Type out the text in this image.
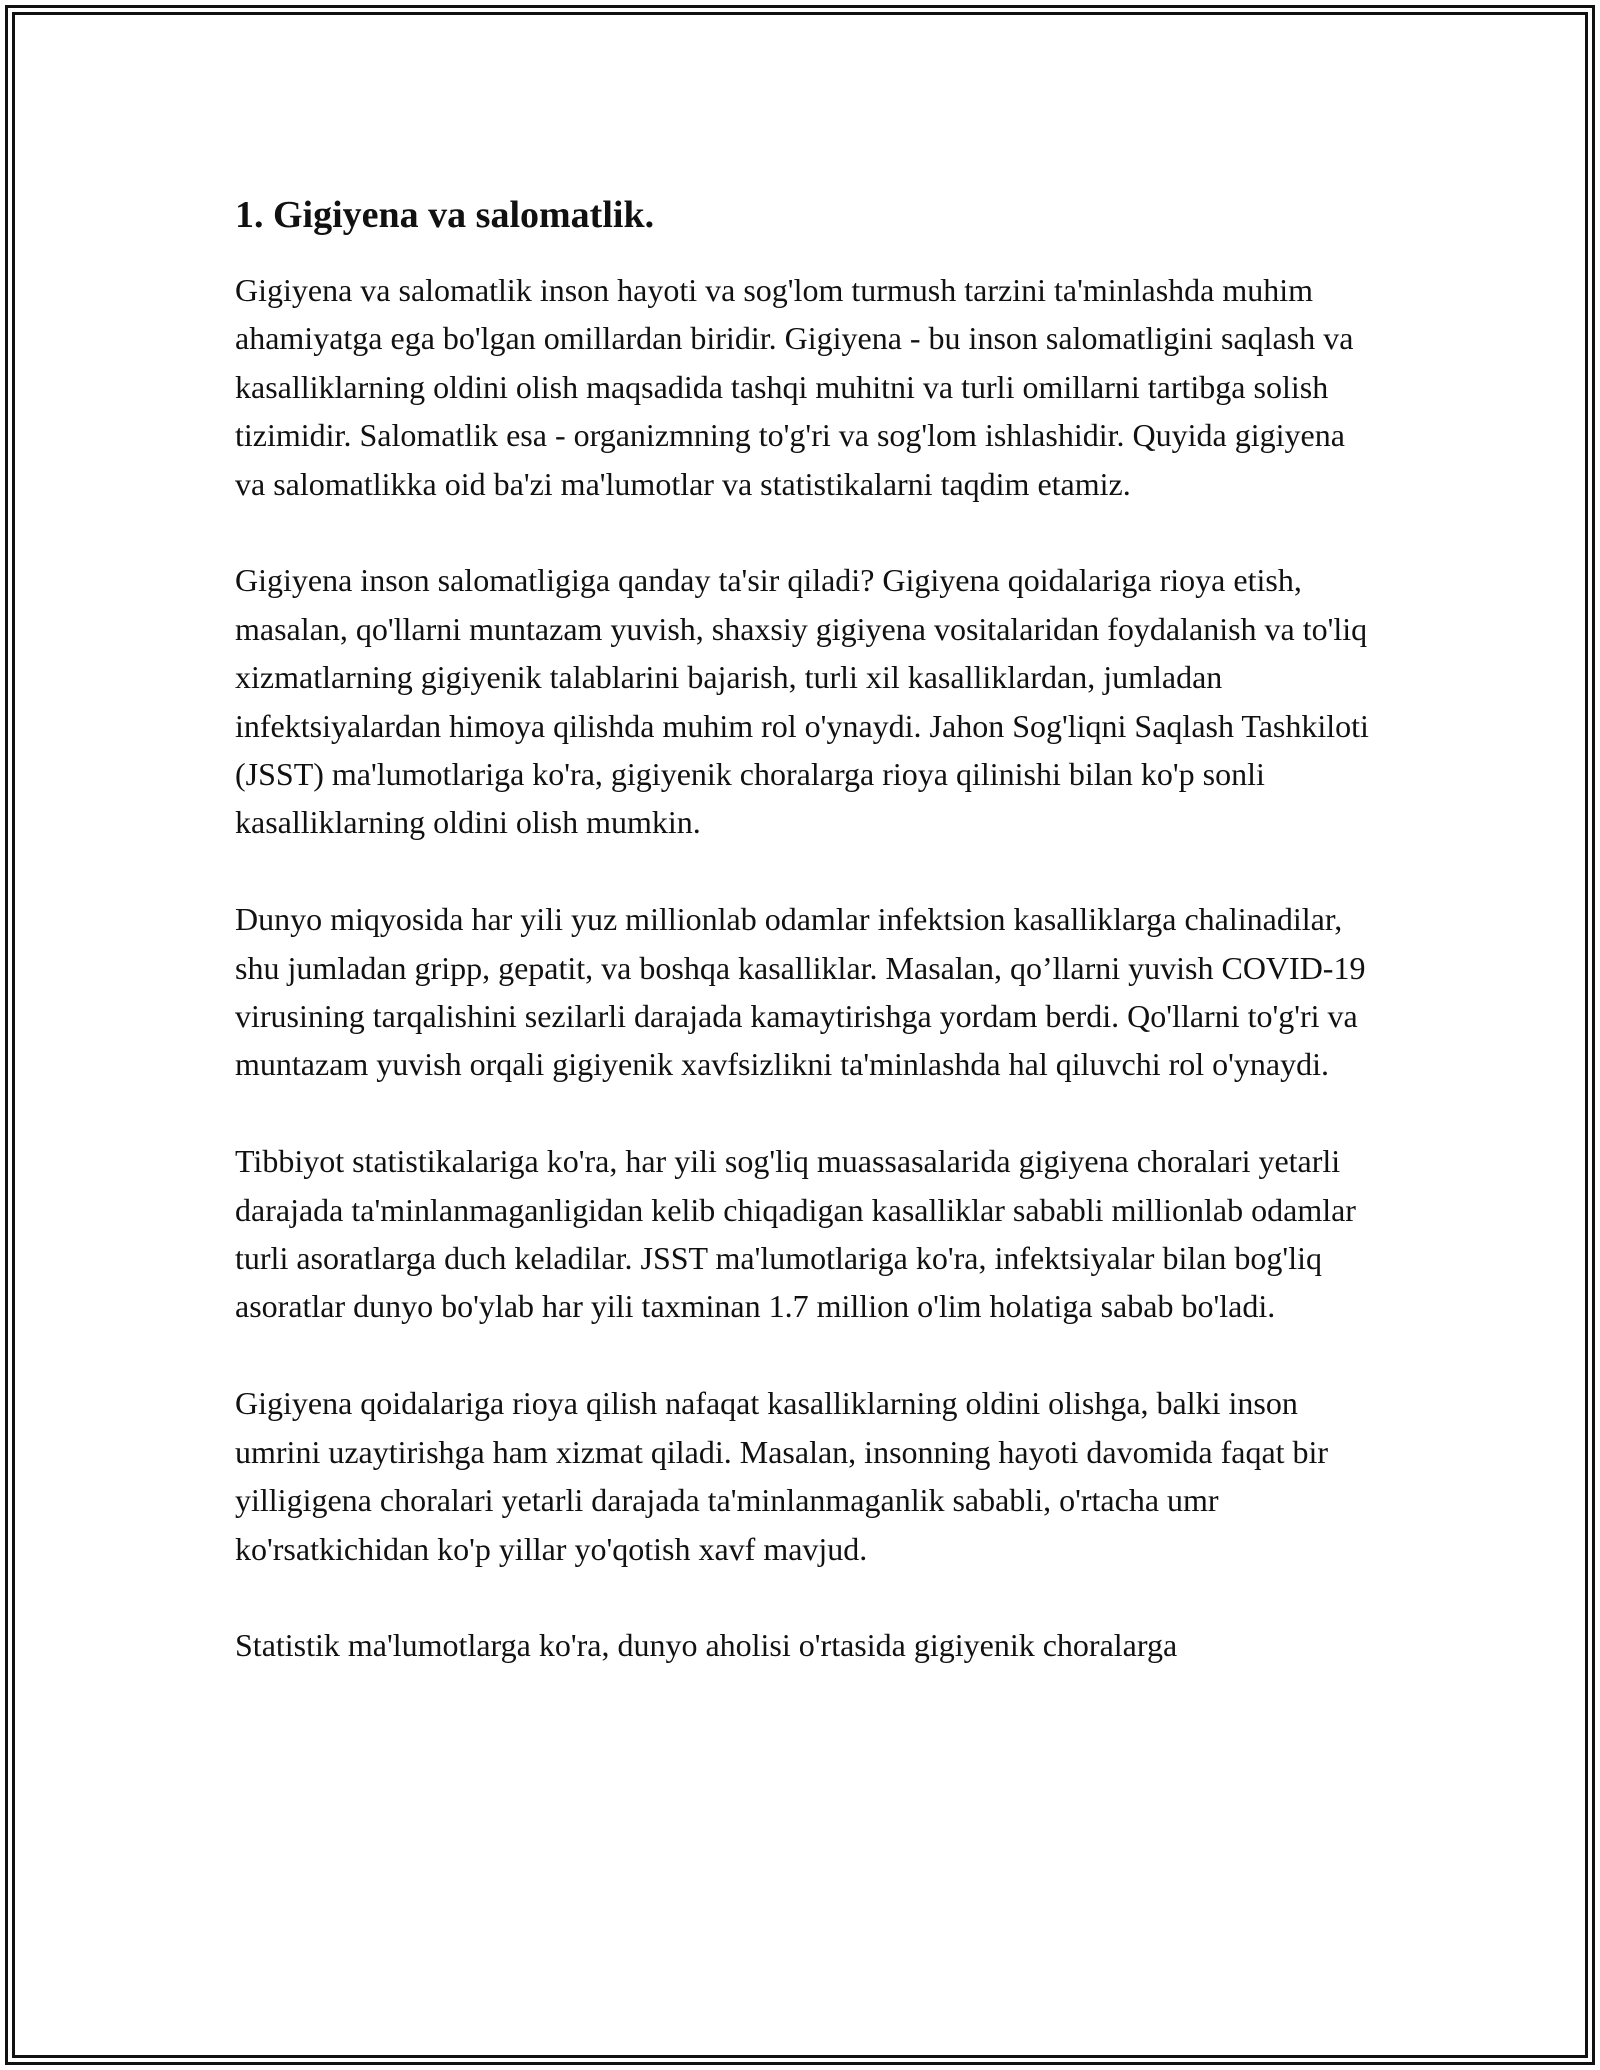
1. Gigiyena va salomatlik.

Gigiyena va salomatlik inson hayoti va sog'lom turmush tarzini ta'minlashda muhim ahamiyatga ega bo'lgan omillardan biridir. Gigiyena - bu inson salomatligini saqlash va kasalliklarning oldini olish maqsadida tashqi muhitni va turli omillarni tartibga solish tizimidir. Salomatlik esa - organizmning to'g'ri va sog'lom ishlashidir. Quyida gigiyena va salomatlikka oid ba'zi ma'lumotlar va statistikalarni taqdim etamiz.

Gigiyena inson salomatligiga qanday ta'sir qiladi? Gigiyena qoidalariga rioya etish, masalan, qo'llarni muntazam yuvish, shaxsiy gigiyena vositalaridan foydalanish va to'liq xizmatlarning gigiyenik talablarini bajarish, turli xil kasalliklardan, jumladan infektsiyalardan himoya qilishda muhim rol o'ynaydi. Jahon Sog'liqni Saqlash Tashkiloti (JSST) ma'lumotlariga ko'ra, gigiyenik choralarga rioya qilinishi bilan ko'p sonli kasalliklarning oldini olish mumkin.

Dunyo miqyosida har yili yuz millionlab odamlar infektsion kasalliklarga chalinadilar, shu jumladan gripp, gepatit, va boshqa kasalliklar. Masalan, qo’llarni yuvish COVID-19 virusining tarqalishini sezilarli darajada kamaytirishga yordam berdi. Qo'llarni to'g'ri va muntazam yuvish orqali gigiyenik xavfsizlikni ta'minlashda hal qiluvchi rol o'ynaydi.

Tibbiyot statistikalariga ko'ra, har yili sog'liq muassasalarida gigiyena choralari yetarli darajada ta'minlanmaganligidan kelib chiqadigan kasalliklar sababli millionlab odamlar turli asoratlarga duch keladilar. JSST ma'lumotlariga ko'ra, infektsiyalar bilan bog'liq asoratlar dunyo bo'ylab har yili taxminan 1.7 million o'lim holatiga sabab bo'ladi.

Gigiyena qoidalariga rioya qilish nafaqat kasalliklarning oldini olishga, balki inson umrini uzaytirishga ham xizmat qiladi. Masalan, insonning hayoti davomida faqat bir yilligigena choralari yetarli darajada ta'minlanmaganlik sababli, o'rtacha umr ko'rsatkichidan ko'p yillar yo'qotish xavf mavjud.

Statistik ma'lumotlarga ko'ra, dunyo aholisi o'rtasida gigiyenik choralarga
